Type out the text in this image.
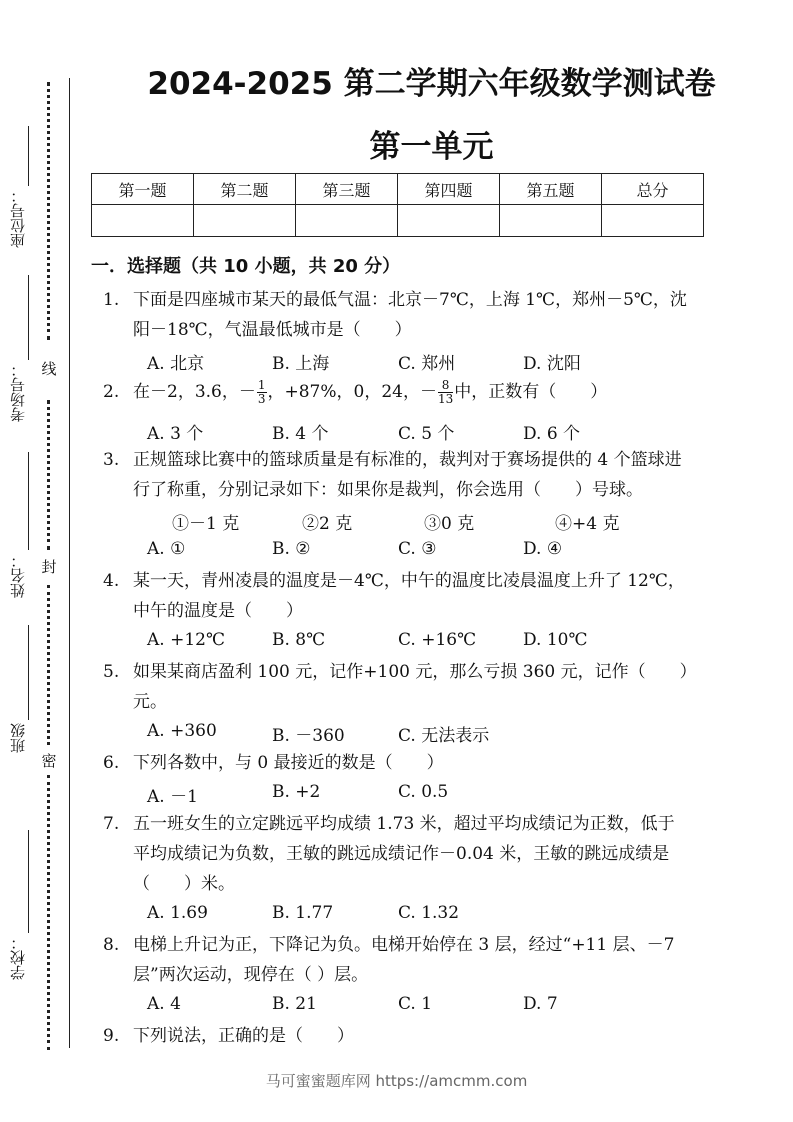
座位号：
考场号：
姓名：
班级
学校：
线
封
密
2024-2025 第二学期六年级数学测试卷
第一单元
第一题	第二题	第三题	第四题	第五题	总分

一．选择题（共 10 小题，共 20 分）
1. 下面是四座城市某天的最低气温：北京－7℃，上海 1℃，郑州－5℃，沈
阳－18℃，气温最低城市是（　　）
A. 北京	B. 上海	C. 郑州	D. 沈阳
2. 在－2，3.6，－ $\frac{1}{3}$ ，+87%，0，24，－ $\frac{8}{13}$ 中，正数有（　　）
A. 3 个	B. 4 个	C. 5 个	D. 6 个
3. 正规篮球比赛中的篮球质量是有标准的，裁判对于赛场提供的 4 个篮球进
行了称重，分别记录如下：如果你是裁判，你会选用（　　）号球。
①－1 克	②2 克	③0 克	④+4 克
A. ①	B. ②	C. ③	D. ④
4. 某一天，青州凌晨的温度是－4℃，中午的温度比凌晨温度上升了 12℃，
中午的温度是（　　）
A. +12℃	B. 8℃	C. +16℃	D. 10℃
5. 如果某商店盈利 100 元，记作+100 元，那么亏损 360 元，记作（　　）
元。
A. +360	B. －360	C. 无法表示
6. 下列各数中，与 0 最接近的数是（　　）
A. －1	B. +2	C. 0.5
7. 五一班女生的立定跳远平均成绩 1.73 米，超过平均成绩记为正数，低于
平均成绩记为负数，王敏的跳远成绩记作－0.04 米，王敏的跳远成绩是
（　　）米。
A. 1.69	B. 1.77	C. 1.32
8. 电梯上升记为正，下降记为负。电梯开始停在 3 层，经过“+11 层、－7
层”两次运动，现停在（ ）层。
A. 4	B. 21	C. 1	D. 7
9. 下列说法，正确的是（　　）
马可蜜蜜题库网 https://amcmm.com
